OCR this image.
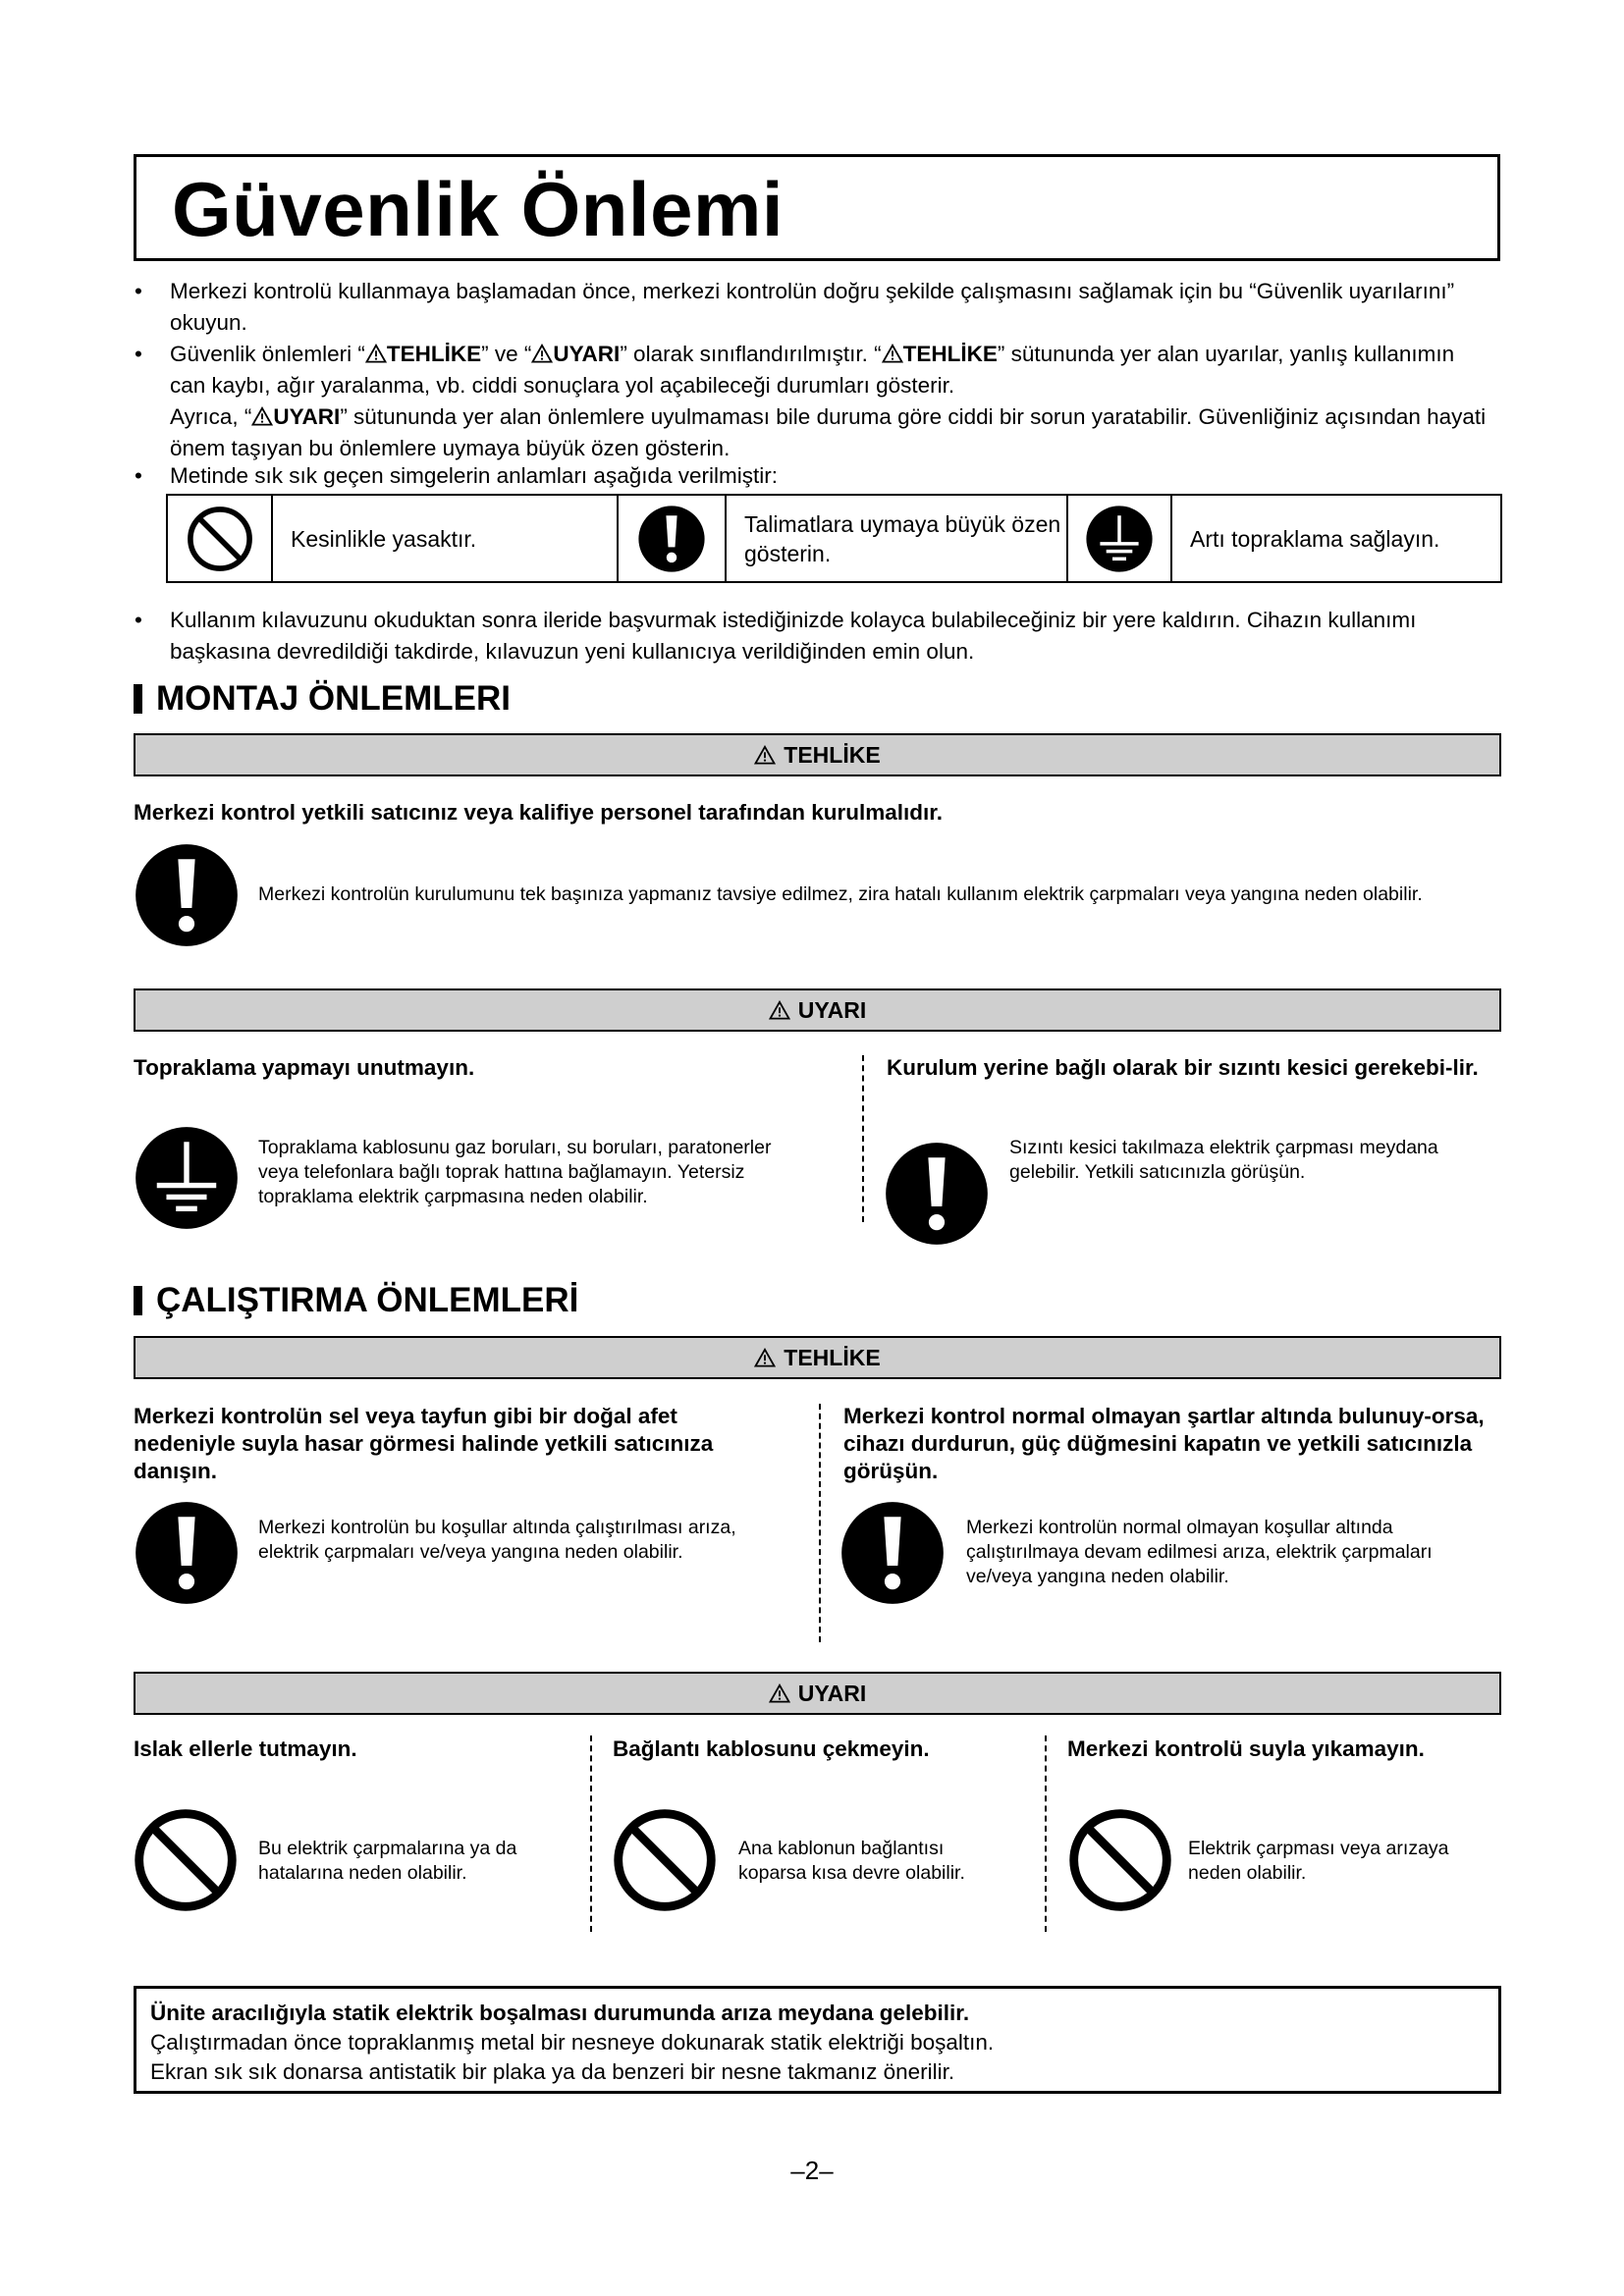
Güvenlik Önlemi
• Merkezi kontrolü kullanmaya başlamadan önce, merkezi kontrolün doğru şekilde çalışmasını sağlamak için bu “Güvenlik uyarılarını” okuyun.
• Güvenlik önlemleri “ TEHLİKE” ve “ UYARI” olarak sınıflandırılmıştır. “ TEHLİKE” sütununda yer alan uyarılar, yanlış kullanımın can kaybı, ağır yaralanma, vb. ciddi sonuçlara yol açabileceği durumları gösterir.
Ayrıca, “ UYARI” sütununda yer alan önlemlere uyulmaması bile duruma göre ciddi bir sorun yaratabilir. Güvenliğiniz açısından hayati önem taşıyan bu önlemlere uymaya büyük özen gösterin.
• Metinde sık sık geçen simgelerin anlamları aşağıda verilmiştir:
Kesinlikle yasaktır.
Talimatlara uymaya büyük özen gösterin.
Artı topraklama sağlayın.
• Kullanım kılavuzunu okuduktan sonra ileride başvurmak istediğinizde kolayca bulabileceğiniz bir yere kaldırın. Cihazın kullanımı başkasına devredildiği takdirde, kılavuzun yeni kullanıcıya verildiğinden emin olun.
MONTAJ ÖNLEMLERI
TEHLİKE
Merkezi kontrol yetkili satıcınız veya kalifiye personel tarafından kurulmalıdır.
Merkezi kontrolün kurulumunu tek başınıza yapmanız tavsiye edilmez, zira hatalı kullanım elektrik çarpmaları veya yangına neden olabilir.
UYARI
Topraklama yapmayı unutmayın.
Topraklama kablosunu gaz boruları, su boruları, paratonerler veya telefonlara bağlı toprak hattına bağlamayın. Yetersiz topraklama elektrik çarpmasına neden olabilir.
Kurulum yerine bağlı olarak bir sızıntı kesici gerekebi-lir.
Sızıntı kesici takılmaza elektrik çarpması meydana gelebilir. Yetkili satıcınızla görüşün.
ÇALIŞTIRMA ÖNLEMLERİ
TEHLİKE
Merkezi kontrolün sel veya tayfun gibi bir doğal afet nedeniyle suyla hasar görmesi halinde yetkili satıcınıza danışın.
Merkezi kontrolün bu koşullar altında çalıştırılması arıza, elektrik çarpmaları ve/veya yangına neden olabilir.
Merkezi kontrol normal olmayan şartlar altında bulunuy-orsa, cihazı durdurun, güç düğmesini kapatın ve yetkili satıcınızla görüşün.
Merkezi kontrolün normal olmayan koşullar altında çalıştırılmaya devam edilmesi arıza, elektrik çarpmaları ve/veya yangına neden olabilir.
UYARI
Islak ellerle tutmayın.
Bu elektrik çarpmalarına ya da hatalarına neden olabilir.
Bağlantı kablosunu çekmeyin.
Ana kablonun bağlantısı koparsa kısa devre olabilir.
Merkezi kontrolü suyla yıkamayın.
Elektrik çarpması veya arızaya neden olabilir.
Ünite aracılığıyla statik elektrik boşalması durumunda arıza meydana gelebilir.
Çalıştırmadan önce topraklanmış metal bir nesneye dokunarak statik elektriği boşaltın.
Ekran sık sık donarsa antistatik bir plaka ya da benzeri bir nesne takmanız önerilir.
–2–
